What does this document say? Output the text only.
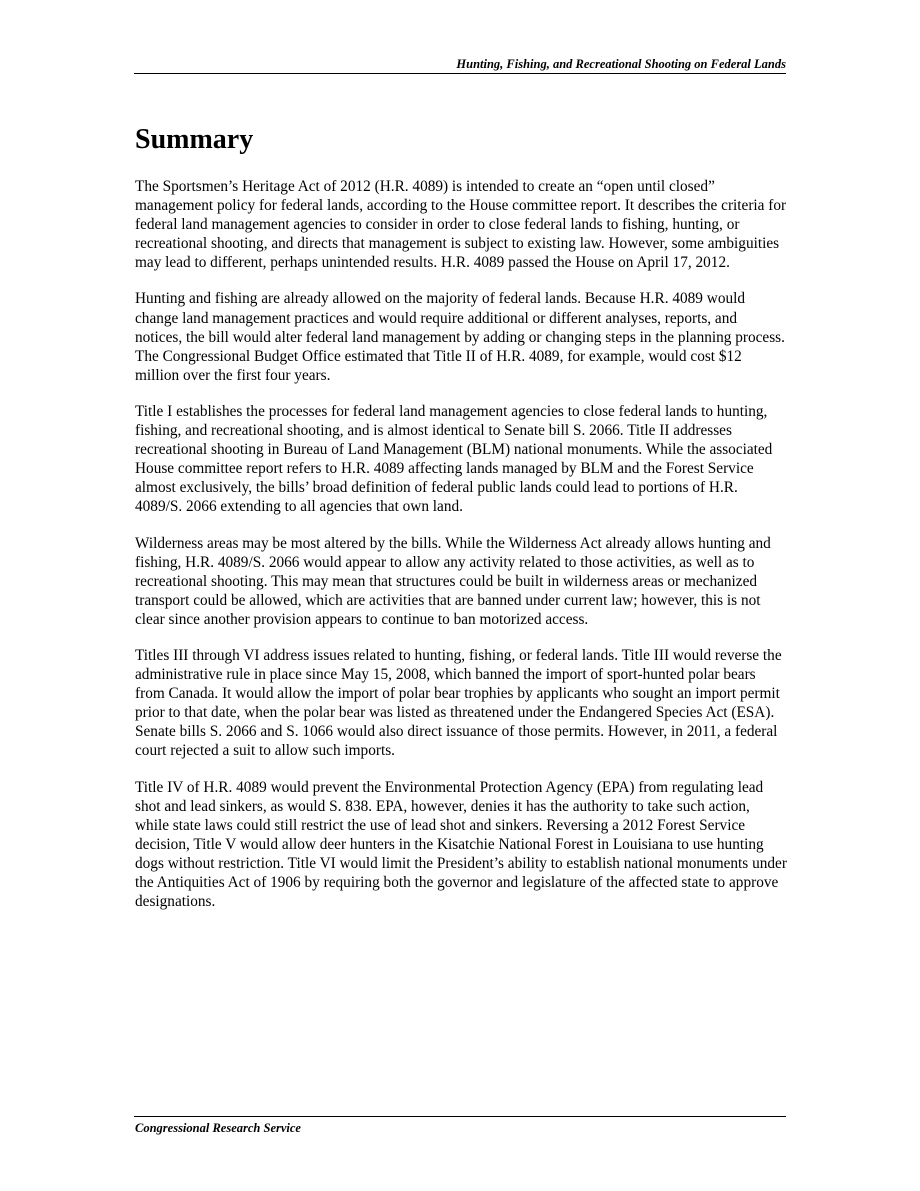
Hunting, Fishing, and Recreational Shooting on Federal Lands
Summary

The Sportsmen’s Heritage Act of 2012 (H.R. 4089) is intended to create an “open until closed” management policy for federal lands, according to the House committee report. It describes the criteria for federal land management agencies to consider in order to close federal lands to fishing, hunting, or recreational shooting, and directs that management is subject to existing law. However, some ambiguities may lead to different, perhaps unintended results. H.R. 4089 passed the House on April 17, 2012.

Hunting and fishing are already allowed on the majority of federal lands. Because H.R. 4089 would change land management practices and would require additional or different analyses, reports, and notices, the bill would alter federal land management by adding or changing steps in the planning process. The Congressional Budget Office estimated that Title II of H.R. 4089, for example, would cost $12 million over the first four years.

Title I establishes the processes for federal land management agencies to close federal lands to hunting, fishing, and recreational shooting, and is almost identical to Senate bill S. 2066. Title II addresses recreational shooting in Bureau of Land Management (BLM) national monuments. While the associated House committee report refers to H.R. 4089 affecting lands managed by BLM and the Forest Service almost exclusively, the bills’ broad definition of federal public lands could lead to portions of H.R. 4089/S. 2066 extending to all agencies that own land.

Wilderness areas may be most altered by the bills. While the Wilderness Act already allows hunting and fishing, H.R. 4089/S. 2066 would appear to allow any activity related to those activities, as well as to recreational shooting. This may mean that structures could be built in wilderness areas or mechanized transport could be allowed, which are activities that are banned under current law; however, this is not clear since another provision appears to continue to ban motorized access.

Titles III through VI address issues related to hunting, fishing, or federal lands. Title III would reverse the administrative rule in place since May 15, 2008, which banned the import of sport-hunted polar bears from Canada. It would allow the import of polar bear trophies by applicants who sought an import permit prior to that date, when the polar bear was listed as threatened under the Endangered Species Act (ESA). Senate bills S. 2066 and S. 1066 would also direct issuance of those permits. However, in 2011, a federal court rejected a suit to allow such imports.

Title IV of H.R. 4089 would prevent the Environmental Protection Agency (EPA) from regulating lead shot and lead sinkers, as would S. 838. EPA, however, denies it has the authority to take such action, while state laws could still restrict the use of lead shot and sinkers. Reversing a 2012 Forest Service decision, Title V would allow deer hunters in the Kisatchie National Forest in Louisiana to use hunting dogs without restriction. Title VI would limit the President’s ability to establish national monuments under the Antiquities Act of 1906 by requiring both the governor and legislature of the affected state to approve designations.

Congressional Research Service
